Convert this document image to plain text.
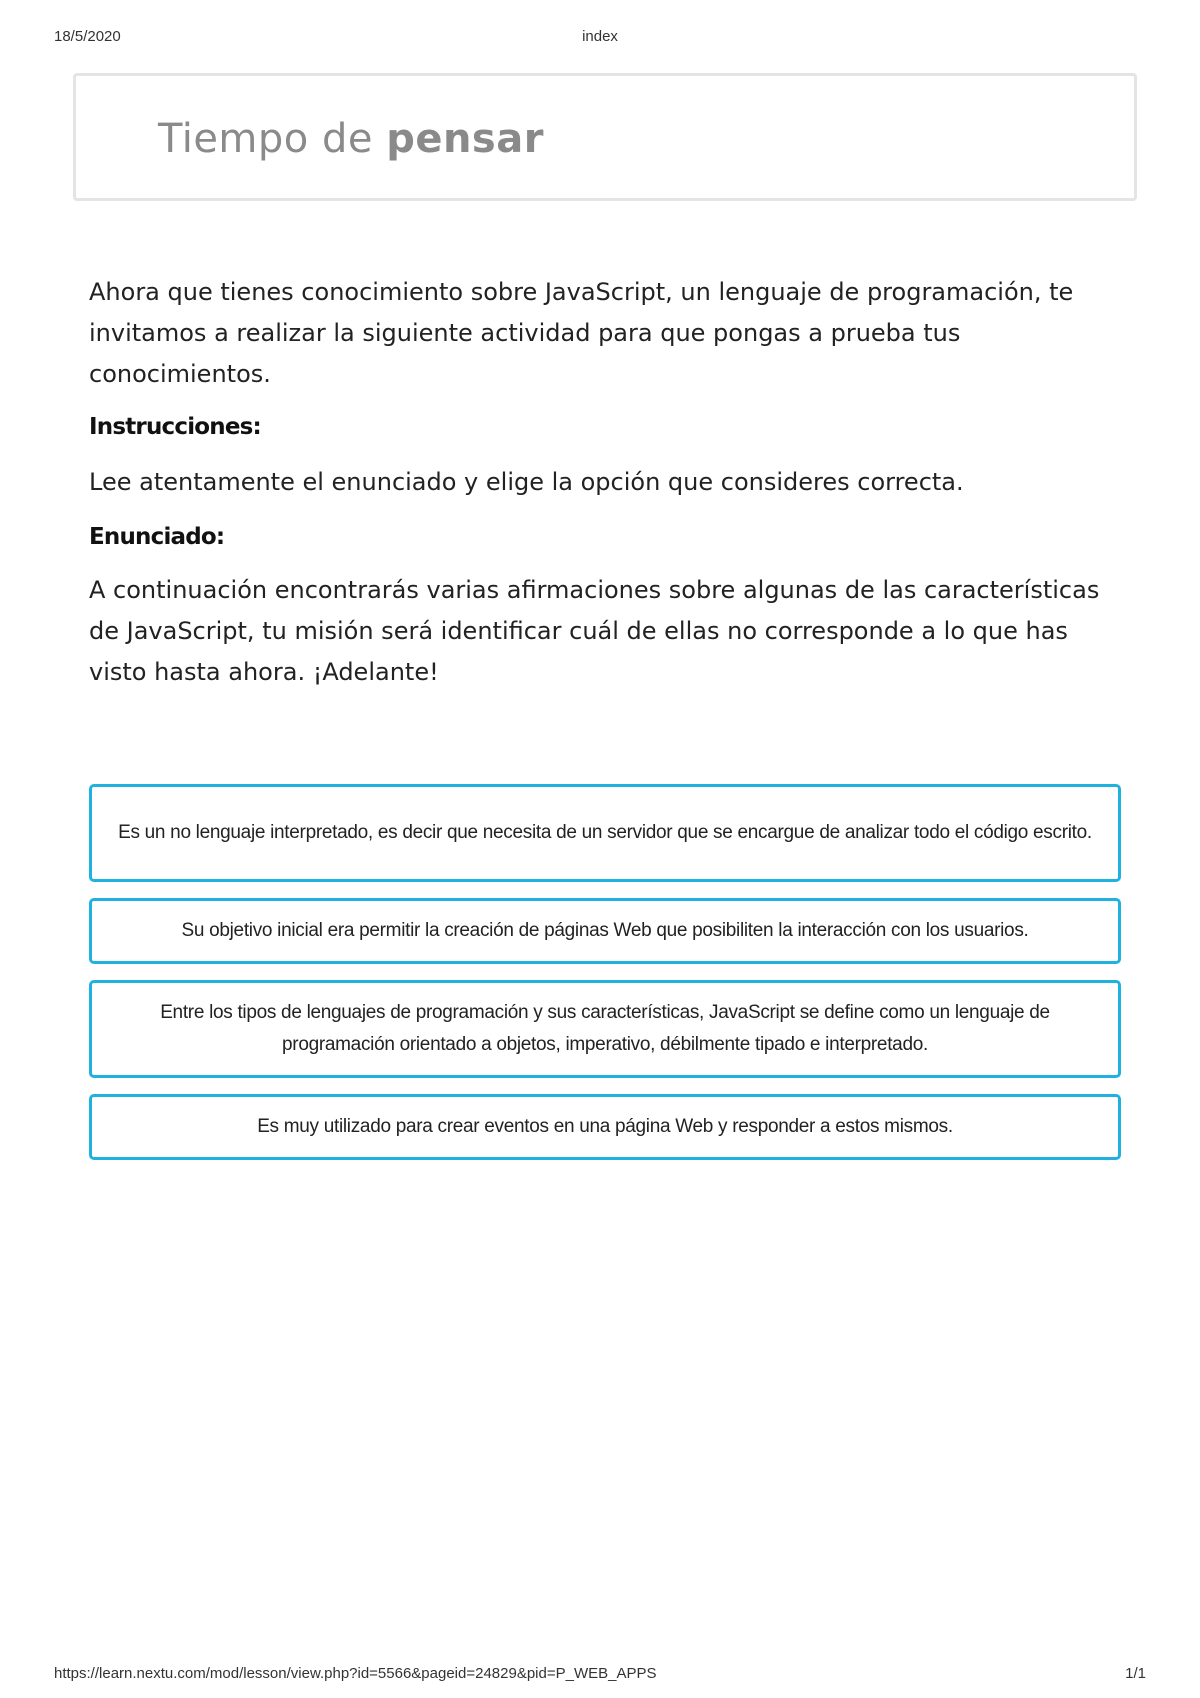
18/5/2020	index
Tiempo de pensar

Ahora que tienes conocimiento sobre JavaScript, un lenguaje de programación, te invitamos a realizar la siguiente actividad para que pongas a prueba tus conocimientos.

Instrucciones:

Lee atentamente el enunciado y elige la opción que consideres correcta.

Enunciado:

A continuación encontrarás varias afirmaciones sobre algunas de las características de JavaScript, tu misión será identificar cuál de ellas no corresponde a lo que has visto hasta ahora. ¡Adelante!

Es un no lenguaje interpretado, es decir que necesita de un servidor que se encargue de analizar todo el código escrito.
Su objetivo inicial era permitir la creación de páginas Web que posibiliten la interacción con los usuarios.
Entre los tipos de lenguajes de programación y sus características, JavaScript se define como un lenguaje de programación orientado a objetos, imperativo, débilmente tipado e interpretado.
Es muy utilizado para crear eventos en una página Web y responder a estos mismos.
https://learn.nextu.com/mod/lesson/view.php?id=5566&pageid=24829&pid=P_WEB_APPS	1/1
